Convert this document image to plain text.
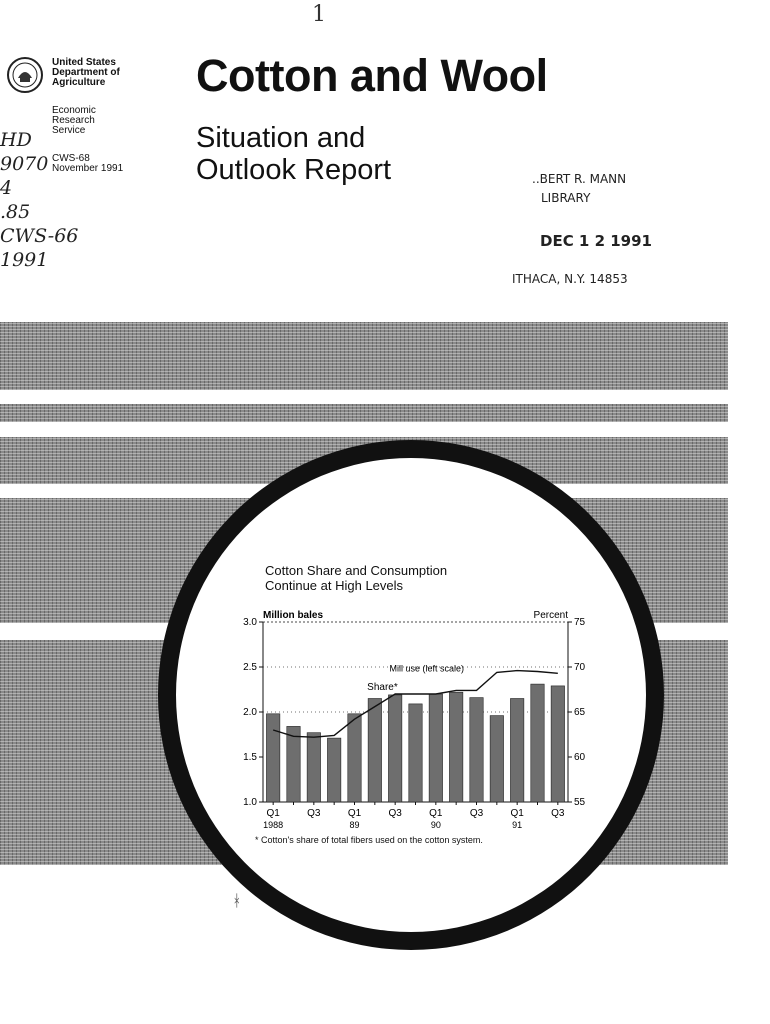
1
United States
Department of
Agriculture
Economic
Research
Service
CWS-68
November 1991
Cotton and Wool
Situation and
Outlook Report
HD
9070
4
.85
CWS-66
1991
..BERT R. MANN
LIBRARY
DEC 1 2 1991
ITHACA, N.Y. 14853
Cotton Share and Consumption
Continue at High Levels
Million bales	Percent
3.0
2.5
2.0
1.5
1.0
75
70
65
60
55
Q1	Q3	Q1	Q3	Q1	Q3	Q1	Q3
1988	89	90	91
Share*
Mill use (left scale)
* Cotton's share of total fibers used on the cotton system.
ᚼ
